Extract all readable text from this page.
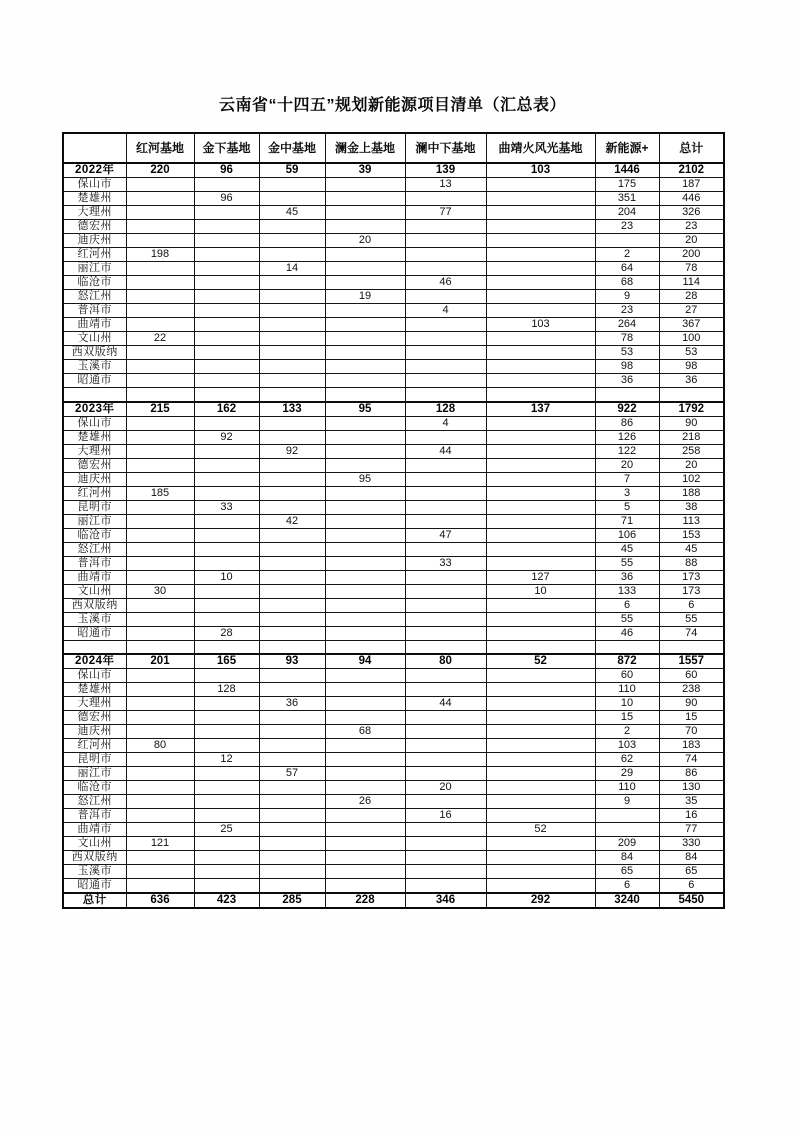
云南省“十四五”规划新能源项目清单（汇总表）
	红河基地	金下基地	金中基地	澜金上基地	澜中下基地	曲靖火风光基地	新能源+	总计
2022年	220	96	59	39	139	103	1446	2102
保山市					13		175	187
楚雄州		96					351	446
大理州			45		77		204	326
德宏州							23	23
迪庆州				20				20
红河州	198						2	200
丽江市			14				64	78
临沧市					46		68	114
怒江州				19			9	28
普洱市					4		23	27
曲靖市						103	264	367
文山州	22						78	100
西双版纳							53	53
玉溪市							98	98
昭通市							36	36

2023年	215	162	133	95	128	137	922	1792
保山市					4		86	90
楚雄州		92					126	218
大理州			92		44		122	258
德宏州							20	20
迪庆州				95			7	102
红河州	185						3	188
昆明市		33					5	38
丽江市			42				71	113
临沧市					47		106	153
怒江州							45	45
普洱市					33		55	88
曲靖市		10				127	36	173
文山州	30					10	133	173
西双版纳							6	6
玉溪市							55	55
昭通市		28					46	74

2024年	201	165	93	94	80	52	872	1557
保山市							60	60
楚雄州		128					110	238
大理州			36		44		10	90
德宏州							15	15
迪庆州				68			2	70
红河州	80						103	183
昆明市		12					62	74
丽江市			57				29	86
临沧市					20		110	130
怒江州				26			9	35
普洱市					16			16
曲靖市		25				52		77
文山州	121						209	330
西双版纳							84	84
玉溪市							65	65
昭通市							6	6
总计	636	423	285	228	346	292	3240	5450
